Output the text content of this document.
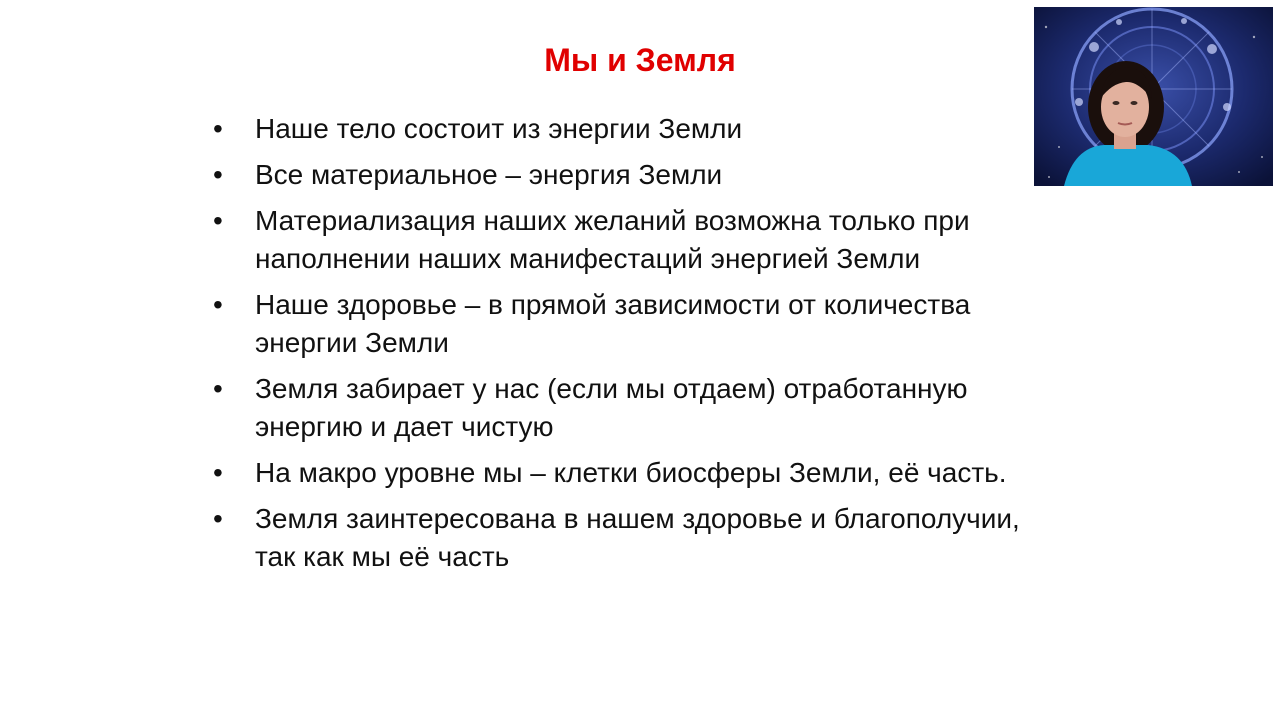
Мы и Земля
•	Наше тело состоит из энергии Земли
•	Все материальное – энергия Земли
•	Материализация наших желаний возможна только при наполнении наших манифестаций энергией Земли
•	Наше здоровье – в прямой зависимости от количества энергии Земли
•	Земля забирает у нас (если мы отдаем) отработанную энергию и дает чистую
•	На макро уровне мы – клетки биосферы Земли, её часть.
•	Земля заинтересована в нашем здоровье и благополучии, так как мы её часть
